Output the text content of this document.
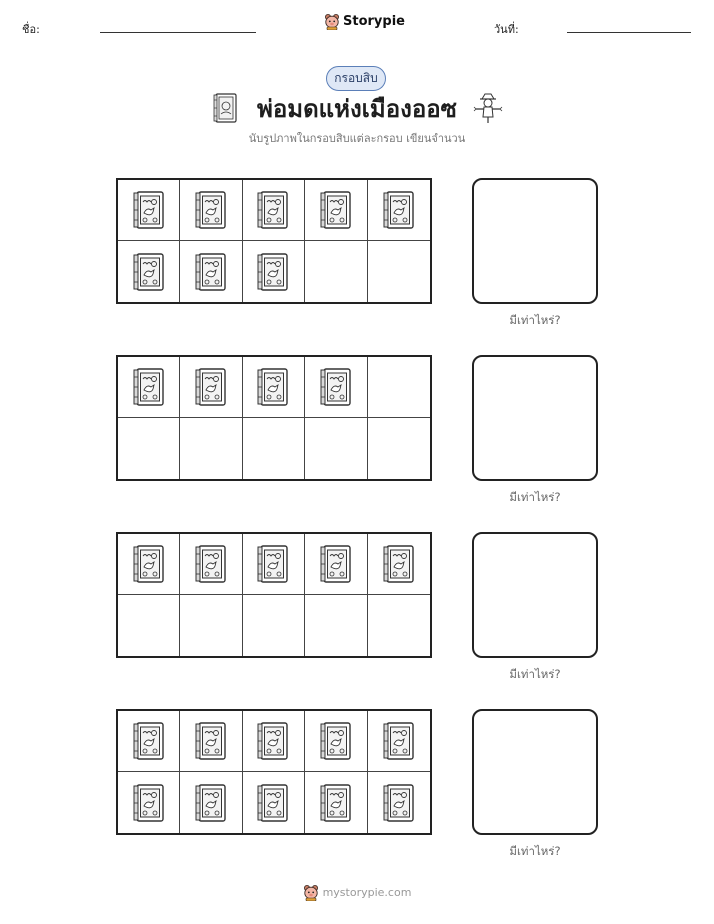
ชื่อ:
Storypie
วันที่:
กรอบสิบ
พ่อมดแห่งเมืองออซ
นับรูปภาพในกรอบสิบแต่ละกรอบ เขียนจำนวน
มีเท่าไหร่?
มีเท่าไหร่?
มีเท่าไหร่?
มีเท่าไหร่?
mystorypie.com
